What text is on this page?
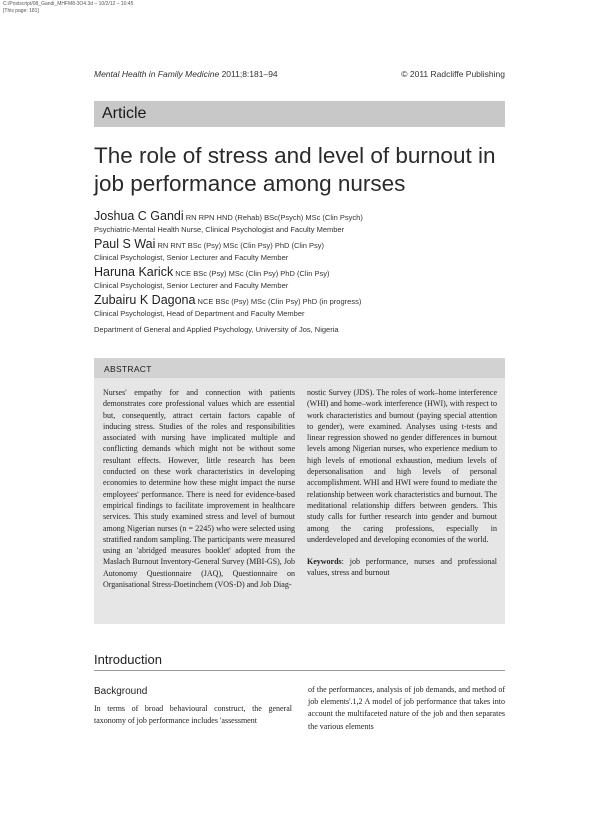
C:/Postscript/08_Gandi_MHFM8-3O4.3d – 10/2/12 – 10:45
[This page: 181]
Mental Health in Family Medicine 2011;8:181–94	© 2011 Radcliffe Publishing
Article
The role of stress and level of burnout in job performance among nurses
Joshua C Gandi RN RPN HND (Rehab) BSc(Psych) MSc (Clin Psych)
Psychiatric-Mental Health Nurse, Clinical Psychologist and Faculty Member
Paul S Wai RN RNT BSc (Psy) MSc (Clin Psy) PhD (Clin Psy)
Clinical Psychologist, Senior Lecturer and Faculty Member
Haruna Karick NCE BSc (Psy) MSc (Clin Psy) PhD (Clin Psy)
Clinical Psychologist, Senior Lecturer and Faculty Member
Zubairu K Dagona NCE BSc (Psy) MSc (Clin Psy) PhD (in progress)
Clinical Psychologist, Head of Department and Faculty Member
Department of General and Applied Psychology, University of Jos, Nigeria
ABSTRACT
Nurses' empathy for and connection with patients demonstrates core professional values which are essential but, consequently, attract certain factors capable of inducing stress. Studies of the roles and responsibilities associated with nursing have implicated multiple and conflicting demands which might not be without some resultant effects. However, little research has been conducted on these work characteristics in developing economies to determine how these might impact the nurse employees' performance. There is need for evidence-based empirical findings to facilitate improvement in healthcare services. This study examined stress and level of burnout among Nigerian nurses (n = 2245) who were selected using stratified random sampling. The participants were measured using an 'abridged measures booklet' adopted from the Maslach Burnout Inventory-General Survey (MBI-GS), Job Autonomy Questionnaire (JAQ), Questionnaire on Organisational Stress-Doetinchem (VOS-D) and Job Diag-
nostic Survey (JDS). The roles of work–home interference (WHI) and home–work interference (HWI), with respect to work characteristics and burnout (paying special attention to gender), were examined. Analyses using t-tests and linear regression showed no gender differences in burnout levels among Nigerian nurses, who experience medium to high levels of emotional exhaustion, medium levels of depersonalisation and high levels of personal accomplishment. WHI and HWI were found to mediate the relationship between work characteristics and burnout. The meditational relationship differs between genders. This study calls for further research into gender and burnout among the caring professions, especially in underdeveloped and developing economies of the world.
Keywords: job performance, nurses and professional values, stress and burnout
Introduction
Background
In terms of broad behavioural construct, the general taxonomy of job performance includes 'assessment
of the performances, analysis of job demands, and method of job elements'.1,2 A model of job performance that takes into account the multifaceted nature of the job and then separates the various elements
